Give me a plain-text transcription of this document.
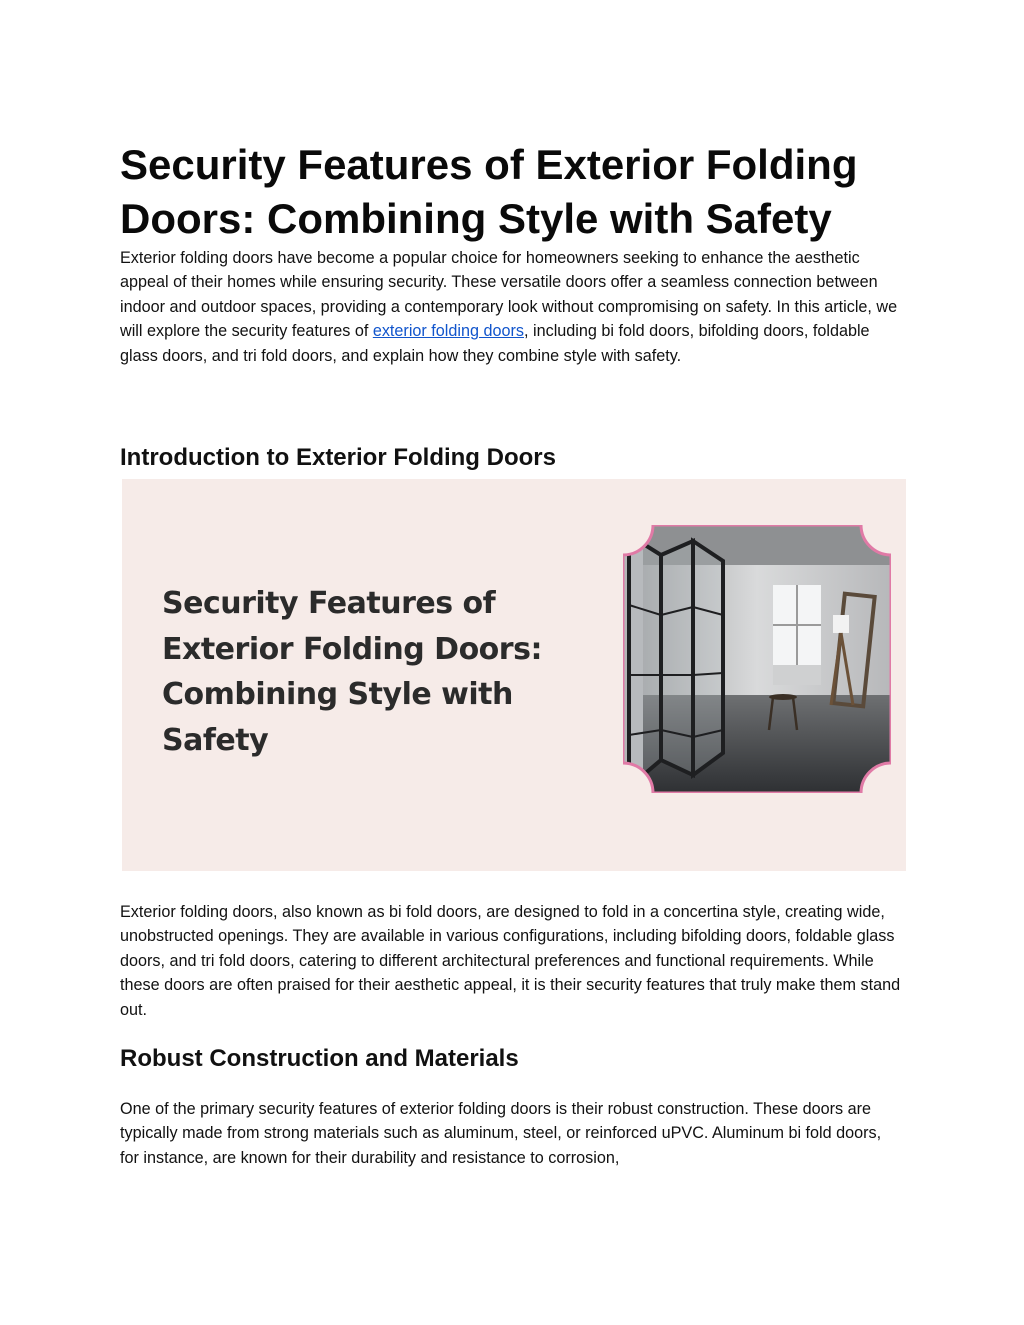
Security Features of Exterior Folding Doors: Combining Style with Safety

Exterior folding doors have become a popular choice for homeowners seeking to enhance the aesthetic appeal of their homes while ensuring security. These versatile doors offer a seamless connection between indoor and outdoor spaces, providing a contemporary look without compromising on safety. In this article, we will explore the security features of exterior folding doors, including bi fold doors, bifolding doors, foldable glass doors, and tri fold doors, and explain how they combine style with safety.

Introduction to Exterior Folding Doors

Security Features of Exterior Folding Doors: Combining Style with Safety

Exterior folding doors, also known as bi fold doors, are designed to fold in a concertina style, creating wide, unobstructed openings. They are available in various configurations, including bifolding doors, foldable glass doors, and tri fold doors, catering to different architectural preferences and functional requirements. While these doors are often praised for their aesthetic appeal, it is their security features that truly make them stand out.

Robust Construction and Materials

One of the primary security features of exterior folding doors is their robust construction. These doors are typically made from strong materials such as aluminum, steel, or reinforced uPVC. Aluminum bi fold doors, for instance, are known for their durability and resistance to corrosion,
